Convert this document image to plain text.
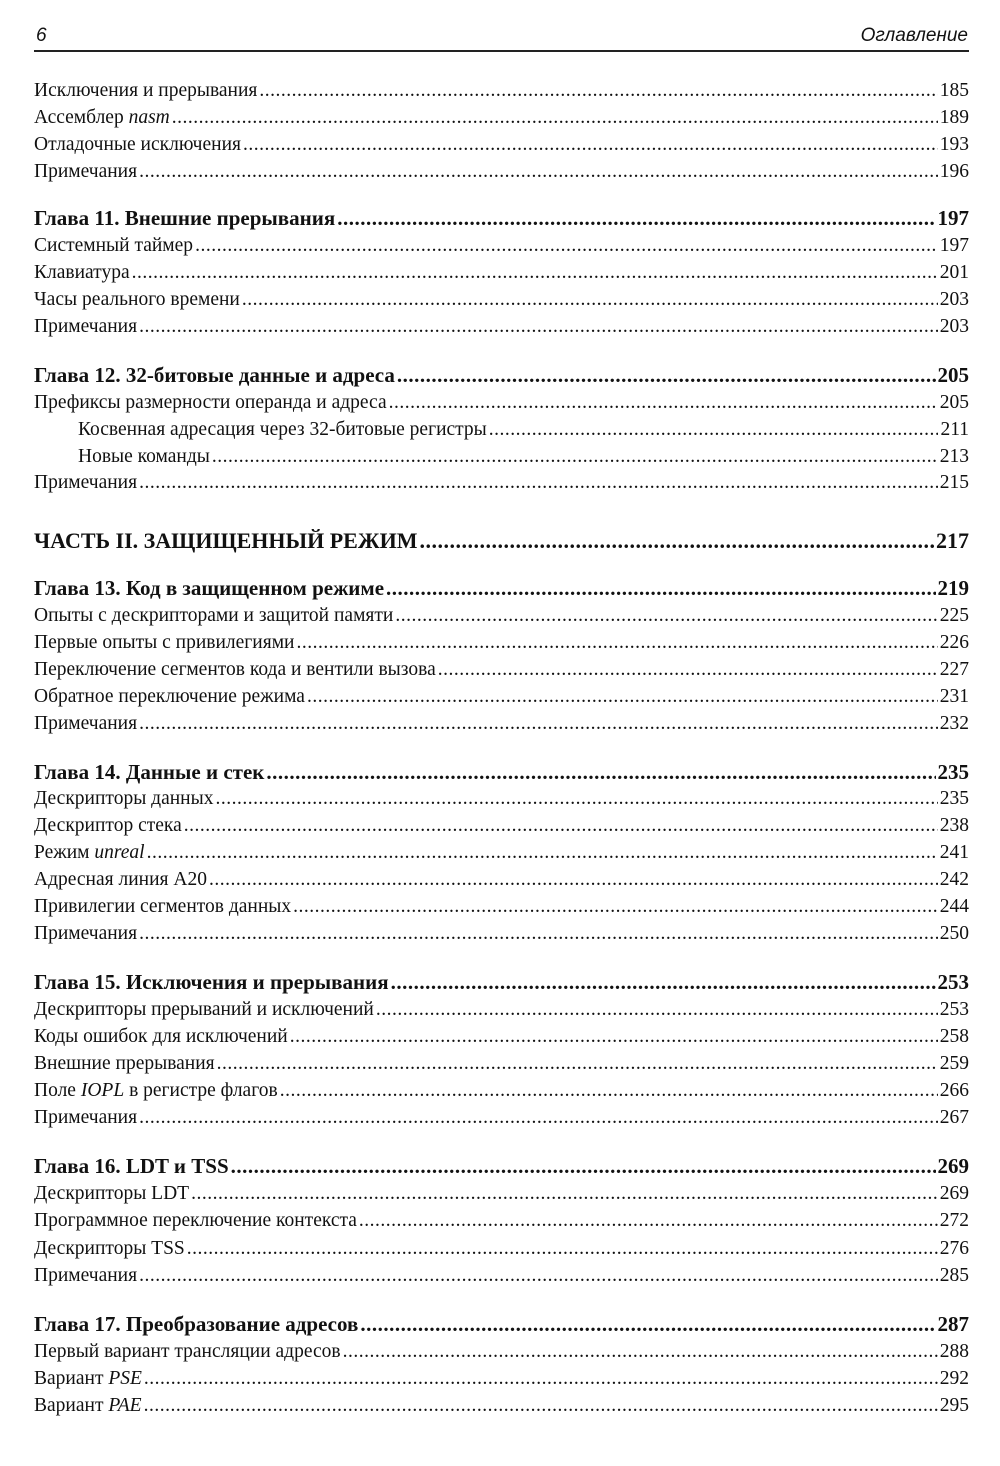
6	Оглавление
Исключения и прерывания .....	185
Ассемблер nasm .....	189
Отладочные исключения .....	193
Примечания .....	196
Глава 11. Внешние прерывания .....	197
Системный таймер .....	197
Клавиатура .....	201
Часы реального времени .....	203
Примечания .....	203
Глава 12. 32-битовые данные и адреса .....	205
Префиксы размерности операнда и адреса .....	205
Косвенная адресация через 32-битовые регистры .....	211
Новые команды .....	213
Примечания .....	215
ЧАСТЬ II. ЗАЩИЩЕННЫЙ РЕЖИМ .....	217
Глава 13. Код в защищенном режиме .....	219
Опыты с дескрипторами и защитой памяти .....	225
Первые опыты с привилегиями .....	226
Переключение сегментов кода и вентили вызова .....	227
Обратное переключение режима .....	231
Примечания .....	232
Глава 14. Данные и стек .....	235
Дескрипторы данных .....	235
Дескриптор стека .....	238
Режим unreal .....	241
Адресная линия A20 .....	242
Привилегии сегментов данных .....	244
Примечания .....	250
Глава 15. Исключения и прерывания .....	253
Дескрипторы прерываний и исключений .....	253
Коды ошибок для исключений .....	258
Внешние прерывания .....	259
Поле IOPL в регистре флагов .....	266
Примечания .....	267
Глава 16. LDT и TSS .....	269
Дескрипторы LDT .....	269
Программное переключение контекста .....	272
Дескрипторы TSS .....	276
Примечания .....	285
Глава 17. Преобразование адресов .....	287
Первый вариант трансляции адресов .....	288
Вариант PSE .....	292
Вариант PAE .....	295
